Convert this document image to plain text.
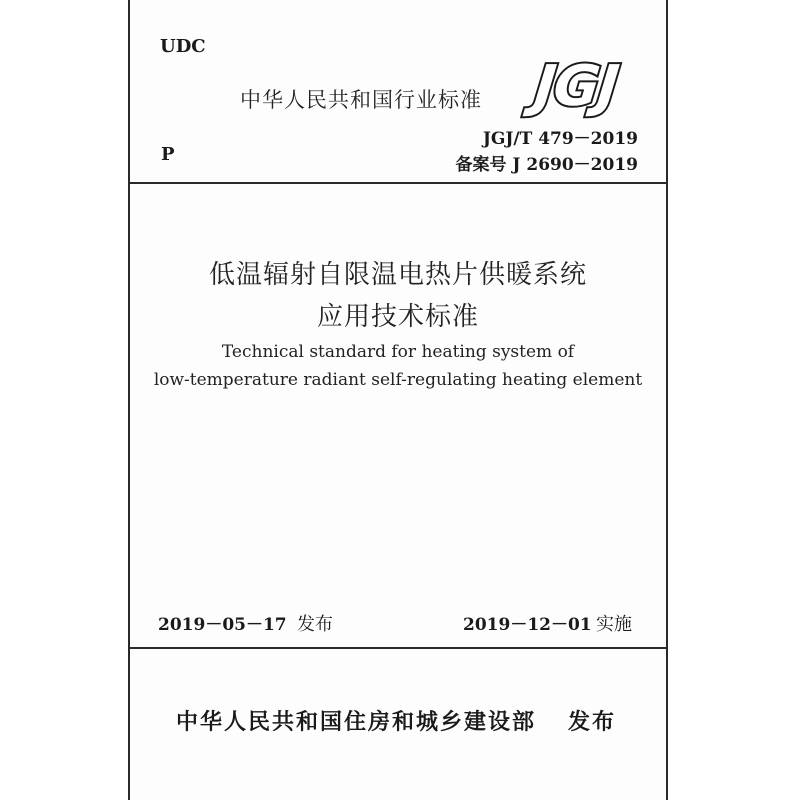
UDC
中华人民共和国行业标准 JGJ
P
JGJ/T 479－2019
备案号 J 2690－2019
低温辐射自限温电热片供暖系统
应用技术标准
Technical standard for heating system of
low-temperature radiant self-regulating heating element
2019－05－17 发布	2019－12－01 实施
中华人民共和国住房和城乡建设部 发布
